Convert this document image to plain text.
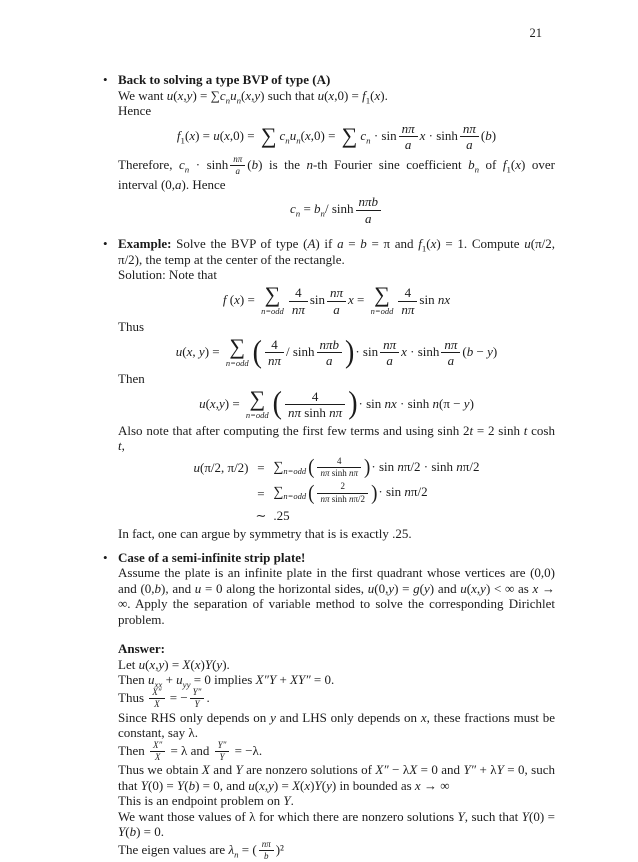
21
• Back to solving a type BVP of type (A)
We want $u(x,y) = \sum c_nu_n(x,y)$ such that $u(x,0) = f_1(x)$.
Hence
$f_1(x) = u(x,0)$ = ∑ $c_nu_n(x,0)$ = ∑ $c_n \cdot \sin \frac{n\pi}{a}$ $x \cdot \sinh \frac{n\pi}{a} (b)$
Therefore, $c_n \cdot \sinh \frac{n\pi}{a} (b)$ is the n-th Fourier sine coefficient $b_n$ of $f_1(x)$ over interval (0,a). Hence
$c_n = b_n/$ $\sinh \frac{\text{nπb}}{a}$
• Example: Solve the BVP of type (A) if a = b = π and $f_1(x) = 1$. Compute u(π/2, π/2), the temp at the center of the rectangle.
Solution: Note that
f (x) = ∑
$n=odd \frac{4}{n\pi}$ $\sin \frac{n\pi}{a}$ x = ∑
$n=odd \frac{4}{n\pi}$ sin nx
Thus
u(x, y) = ∑
n=odd ( $\frac{4}{n\pi}$ / $\sinh \frac{\text{nπb}}{a}$ )· $\sin \frac{n\pi}{a}$ $x \cdot \sinh \frac{n\pi}{a} (b - y)$
Then
u(x,y) = ∑
n=odd ( $\frac{4}{\text{nπ sinh nπ}}$ )· sin nx · sinh n(π − y)
Also note that after computing the first few terms and using sinh 2t = 2 sinh t cosh t,
u(π/2, $\pi/2) = \sum_{n=odd}$ ( $\frac{4}{\text{nπ sinh nπ}}$ )· sin nπ/2 · sinh nπ/2
= $\sum_{n=odd}$ ( $\frac{2}{\text{nπ sinh nπ/2}}$ )· sin nπ/2
∼ .25
In fact, one can argue by symmetry that is is exactly .25.
• Case of a semi-infinite strip plate!
Assume the plate is an infinite plate in the first quadrant whose vertices are (0,0) and (0,b), and u = 0 along the horizontal sides, u(0,y) = g(y) and u(x,y) < ∞ as x → ∞. Apply the separation of variable method to solve the corresponding Dirichlet problem.
Answer:
Let u(x,y) = X(x)Y(y).
Then $u_{xx} + u_{yy} = 0$ implies X″Y + XY″ = 0.
Thus $\frac{X''}{X}$ = − $\frac{Y''}{Y}$ .
Since RHS only depends on y and LHS only depends on x, these fractions must be constant, say λ.
Then $\frac{X''}{X} = \lambda$ and $\frac{Y''}{Y} = -\lambda$.
Thus we obtain X and Y are nonzero solutions of X″ − λX = 0 and Y″ + λY = 0, such that Y(0) = Y(b) = 0, and u(x,y) = X(x)Y(y) in bounded as x → ∞
This is an endpoint problem on Y.
We want those values of λ for which there are nonzero solutions Y, such that Y(0) = Y(b) = 0.
The eigen values are $\lambda_n$ = ( $\frac{n\pi}{b} )^2$
